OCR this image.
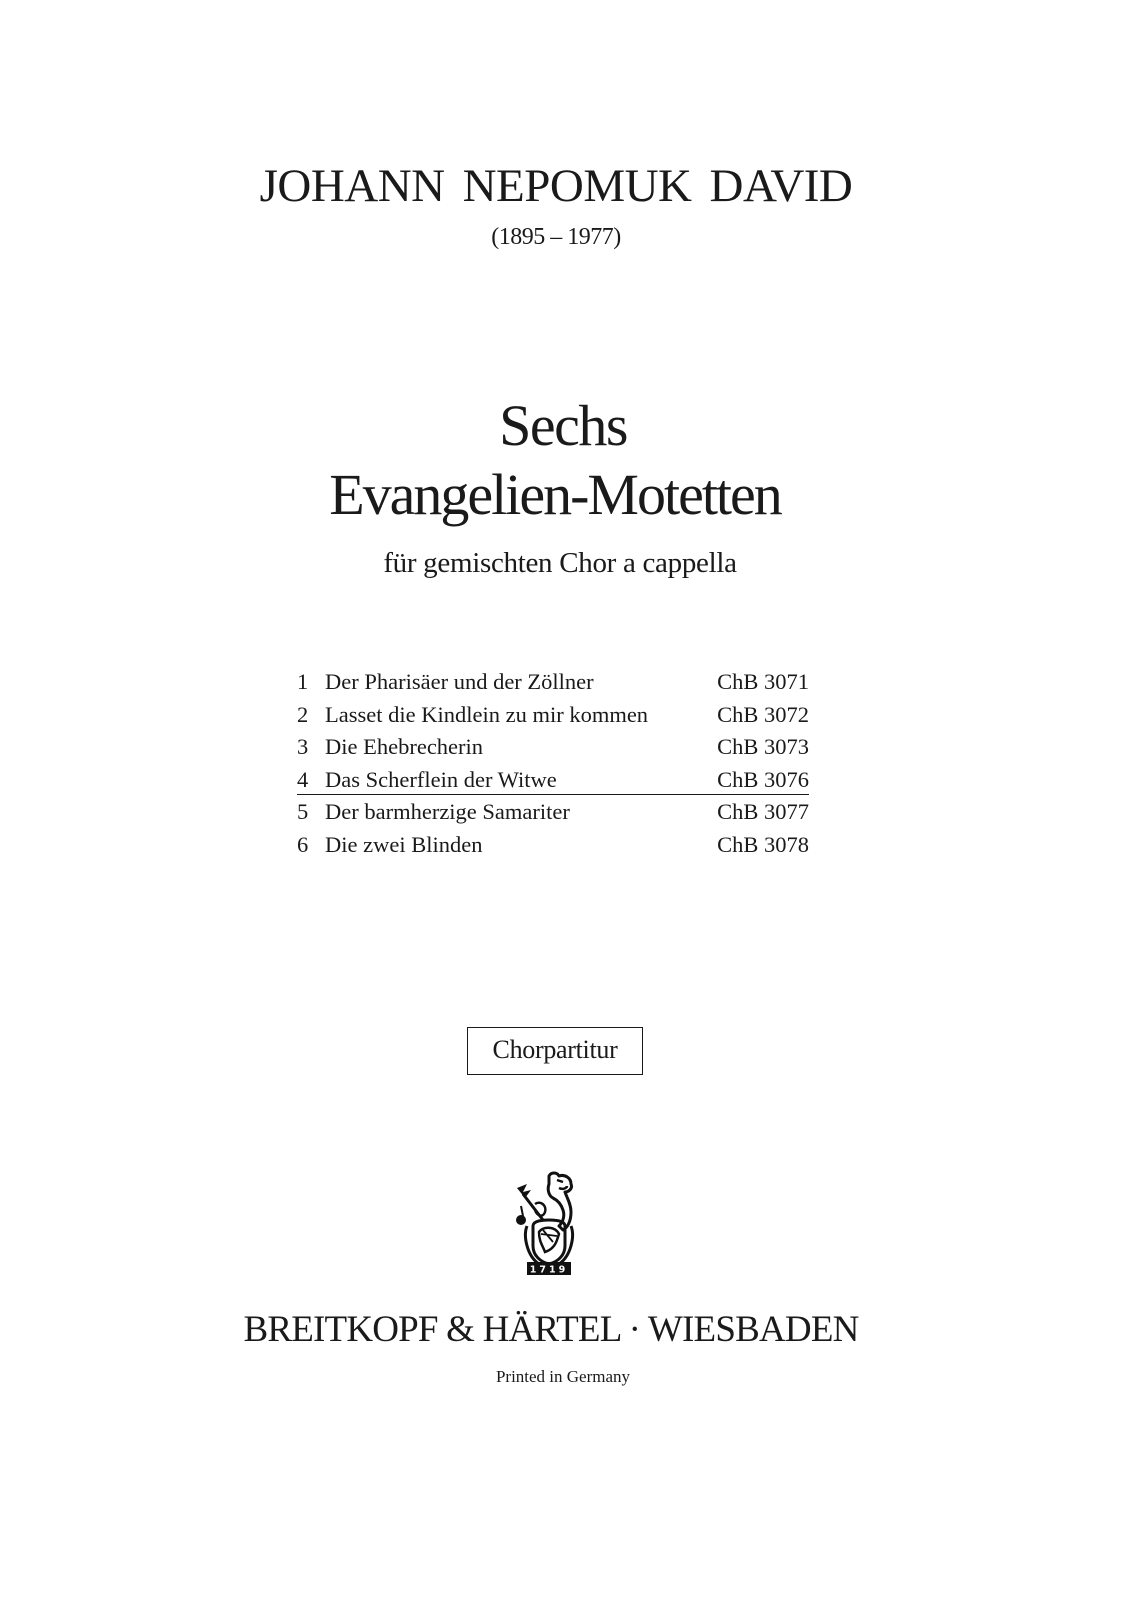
JOHANN NEPOMUK DAVID
(1895 – 1977)
Sechs
Evangelien-Motetten
für gemischten Chor a cappella
1 Der Pharisäer und der Zöllner	ChB 3071
2 Lasset die Kindlein zu mir kommen	ChB 3072
3 Die Ehebrecherin	ChB 3073
4 Das Scherflein der Witwe	ChB 3076
5 Der barmherzige Samariter	ChB 3077
6 Die zwei Blinden	ChB 3078
Chorpartitur
1719
BREITKOPF & HÄRTEL · WIESBADEN
Printed in Germany
